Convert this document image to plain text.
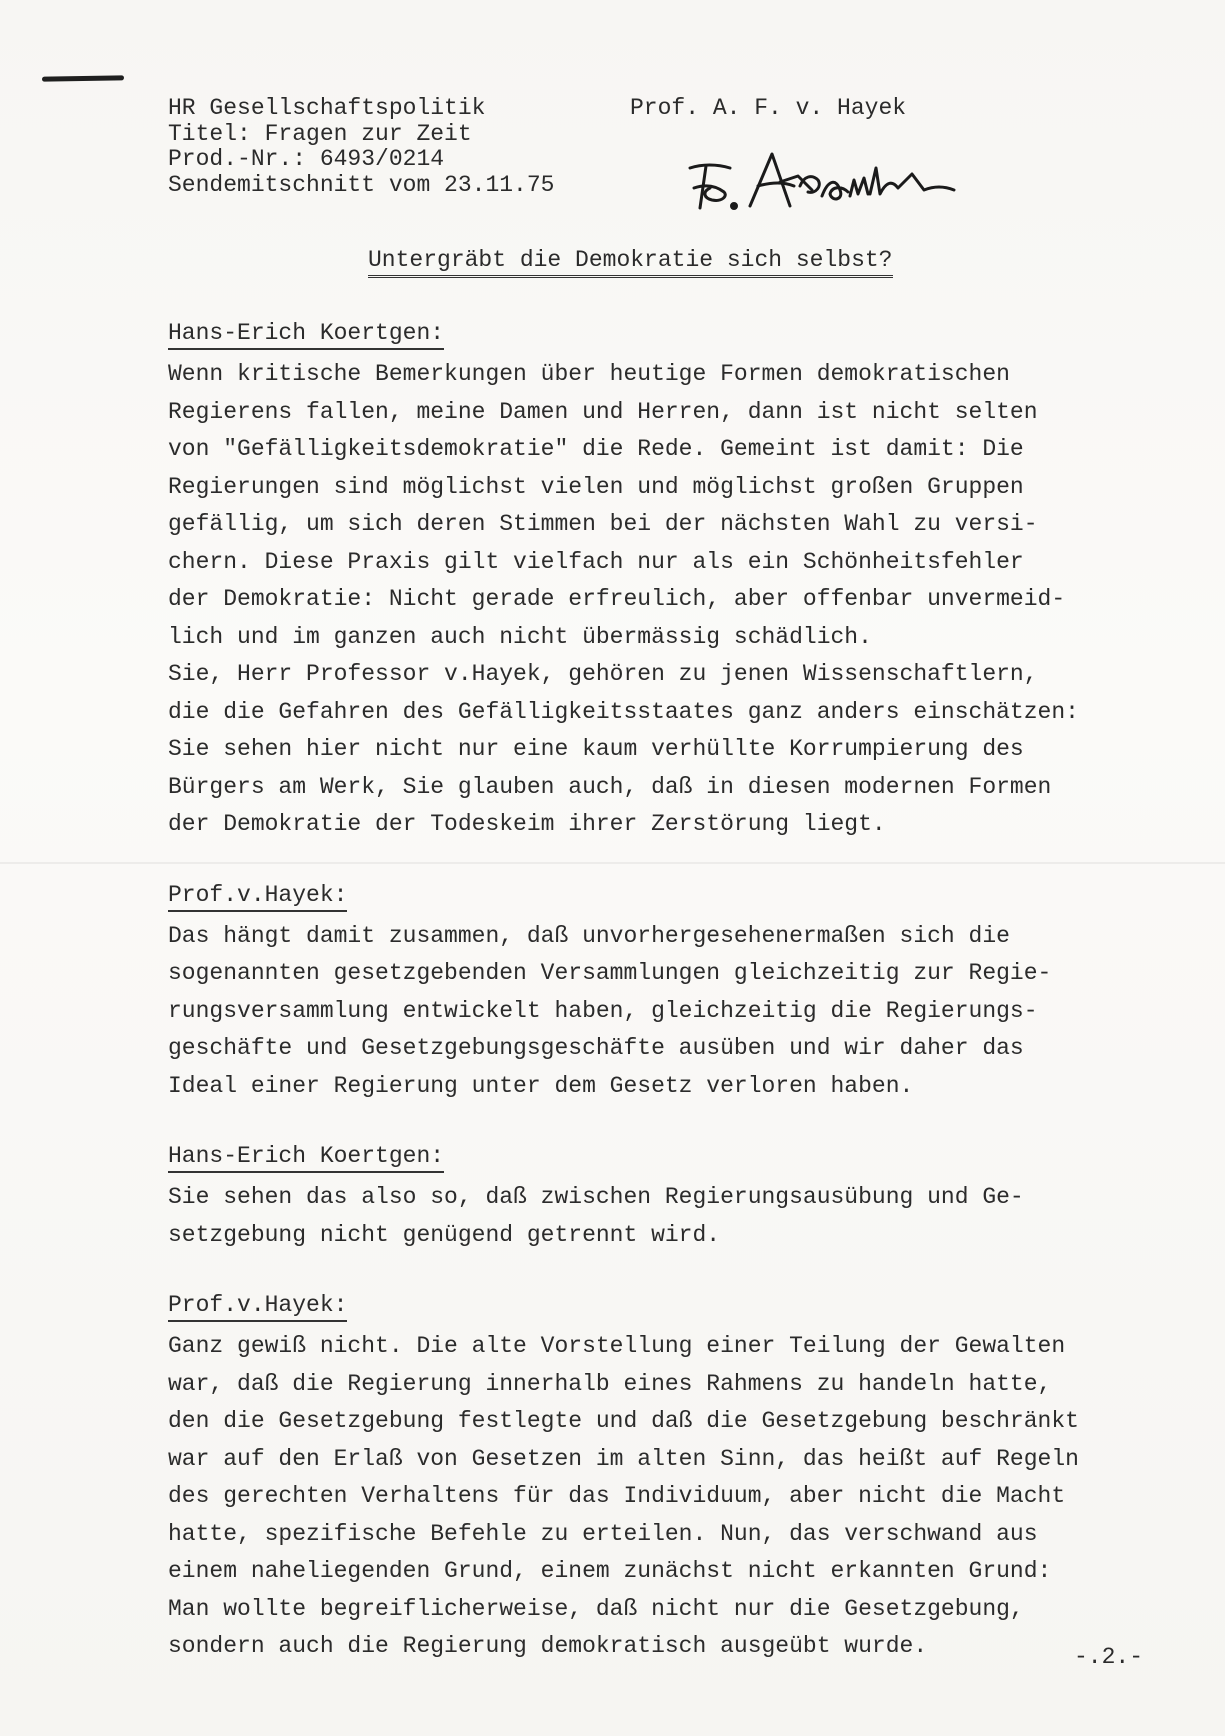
HR Gesellschaftspolitik
Titel: Fragen zur Zeit
Prod.-Nr.: 6493/0214
Sendemitschnitt vom 23.11.75
Prof. A. F. v. Hayek
Untergräbt die Demokratie sich selbst?
Hans-Erich Koertgen:
Wenn kritische Bemerkungen über heutige Formen demokratischen
Regierens fallen, meine Damen und Herren, dann ist nicht selten
von "Gefälligkeitsdemokratie" die Rede. Gemeint ist damit: Die
Regierungen sind möglichst vielen und möglichst großen Gruppen
gefällig, um sich deren Stimmen bei der nächsten Wahl zu versi-
chern. Diese Praxis gilt vielfach nur als ein Schönheitsfehler
der Demokratie: Nicht gerade erfreulich, aber offenbar unvermeid-
lich und im ganzen auch nicht übermässig schädlich.
Sie, Herr Professor v.Hayek, gehören zu jenen Wissenschaftlern,
die die Gefahren des Gefälligkeitsstaates ganz anders einschätzen:
Sie sehen hier nicht nur eine kaum verhüllte Korrumpierung des
Bürgers am Werk, Sie glauben auch, daß in diesen modernen Formen
der Demokratie der Todeskeim ihrer Zerstörung liegt.
Prof.v.Hayek:
Das hängt damit zusammen, daß unvorhergesehenermaßen sich die
sogenannten gesetzgebenden Versammlungen gleichzeitig zur Regie-
rungsversammlung entwickelt haben, gleichzeitig die Regierungs-
geschäfte und Gesetzgebungsgeschäfte ausüben und wir daher das
Ideal einer Regierung unter dem Gesetz verloren haben.
Hans-Erich Koertgen:
Sie sehen das also so, daß zwischen Regierungsausübung und Ge-
setzgebung nicht genügend getrennt wird.
Prof.v.Hayek:
Ganz gewiß nicht. Die alte Vorstellung einer Teilung der Gewalten
war, daß die Regierung innerhalb eines Rahmens zu handeln hatte,
den die Gesetzgebung festlegte und daß die Gesetzgebung beschränkt
war auf den Erlaß von Gesetzen im alten Sinn, das heißt auf Regeln
des gerechten Verhaltens für das Individuum, aber nicht die Macht
hatte, spezifische Befehle zu erteilen. Nun, das verschwand aus
einem naheliegenden Grund, einem zunächst nicht erkannten Grund:
Man wollte begreiflicherweise, daß nicht nur die Gesetzgebung,
sondern auch die Regierung demokratisch ausgeübt wurde.	-.2.-
